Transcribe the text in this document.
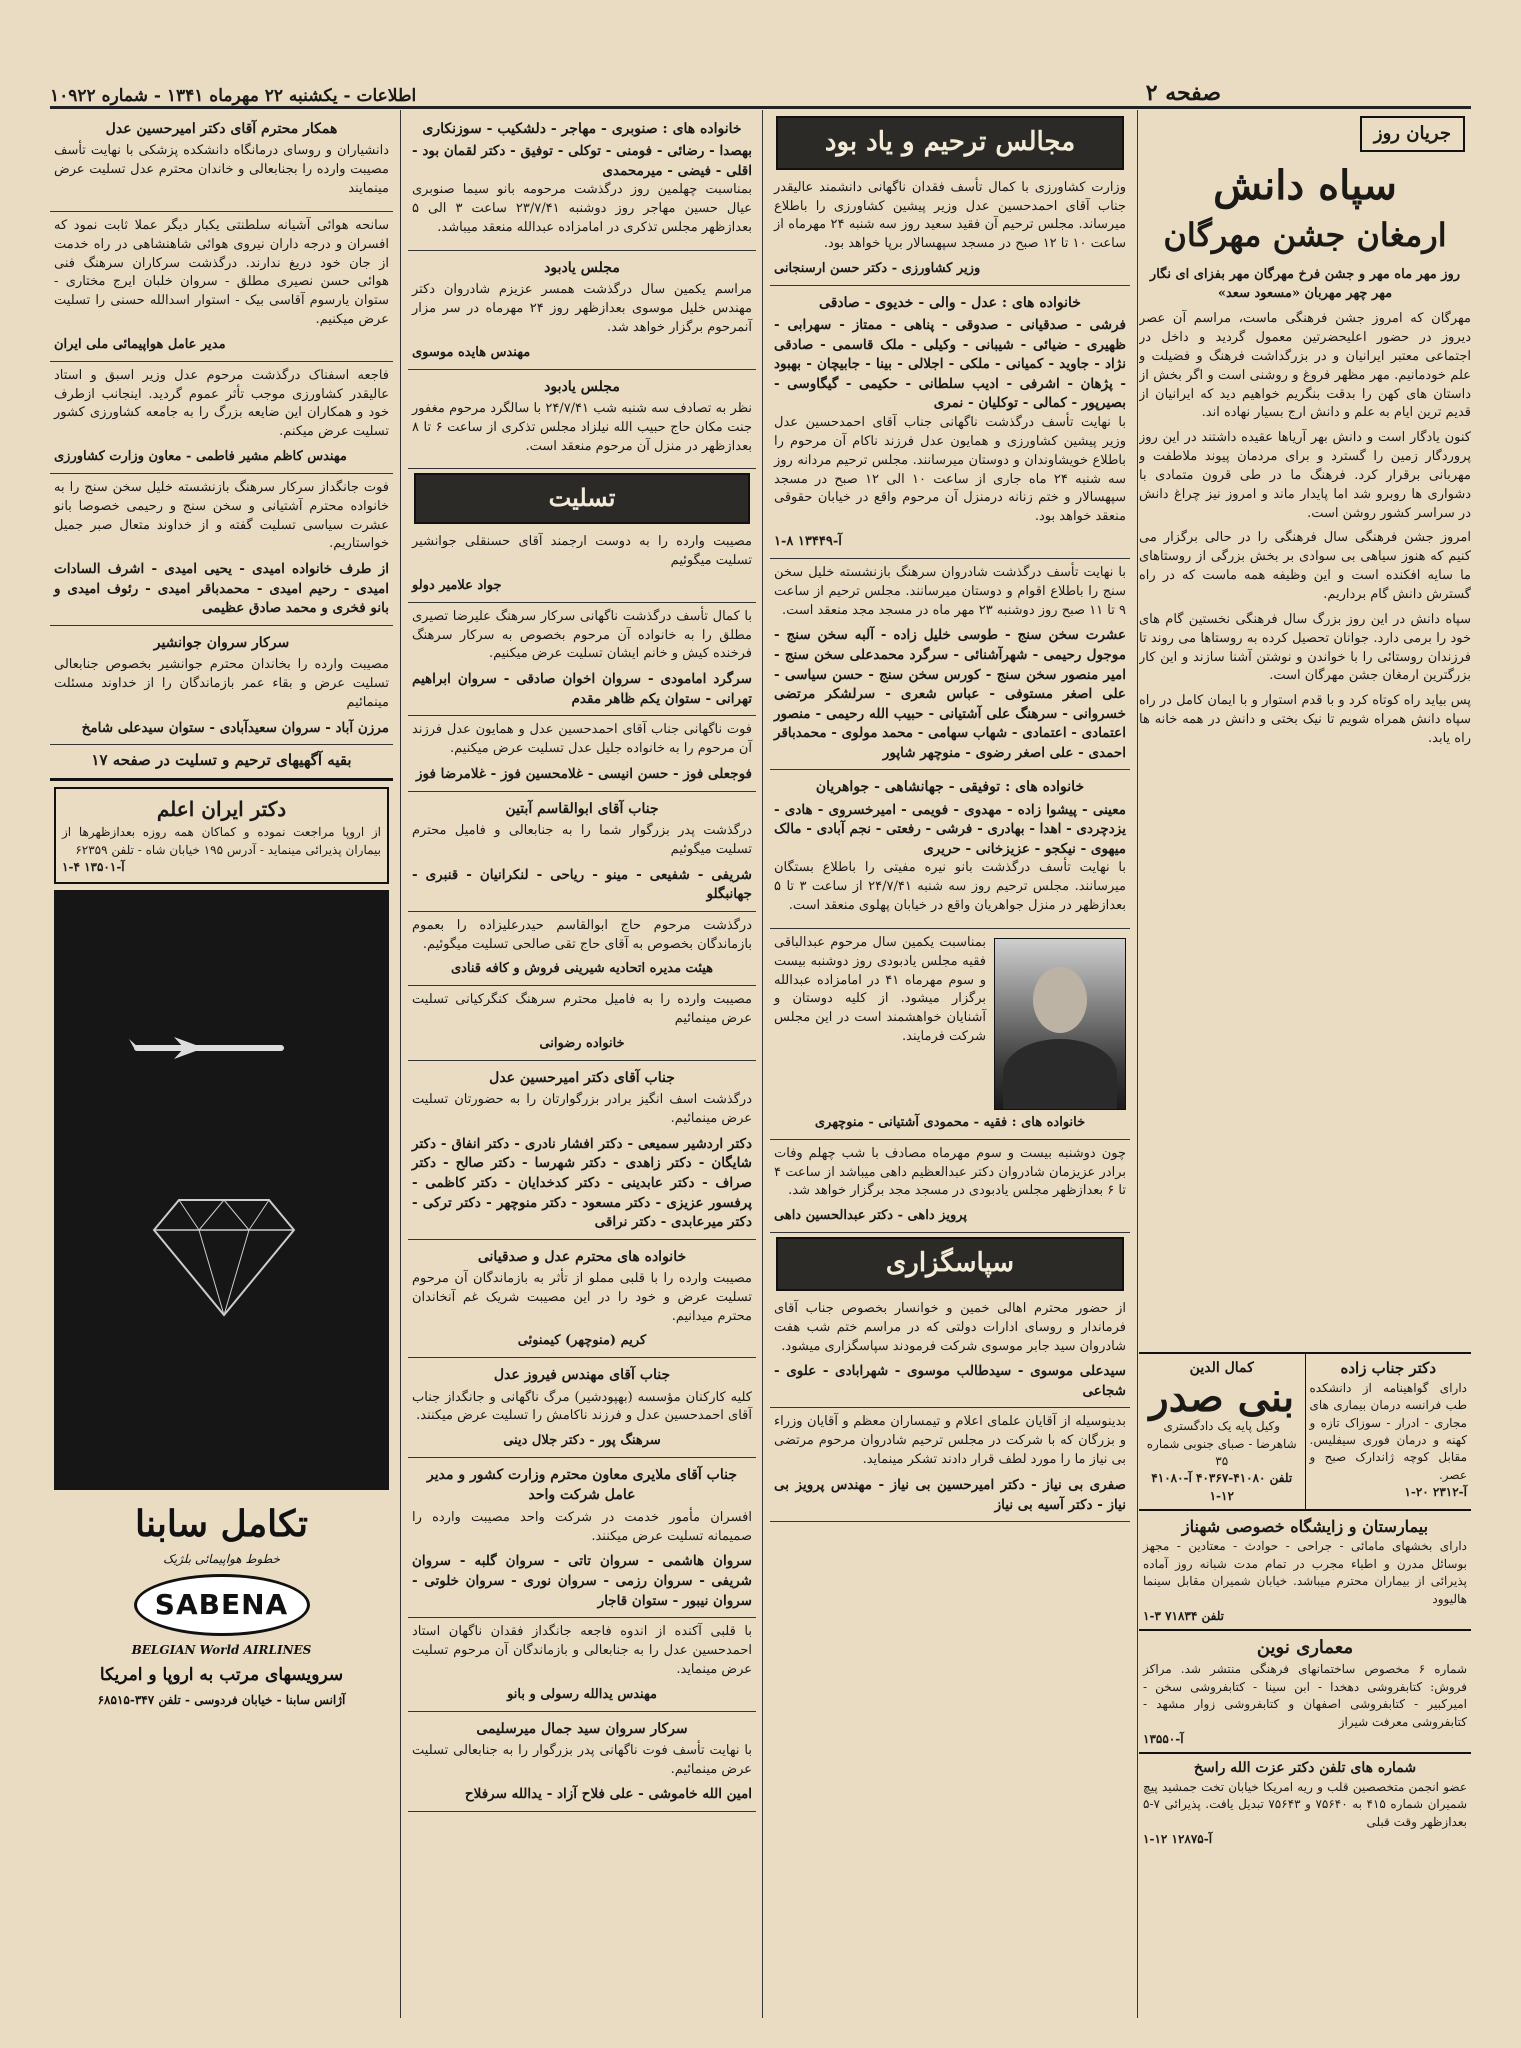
صفحه ۲
اطلاعات - یکشنبه ۲۲ مهرماه ۱۳۴۱ - شماره ۱۰۹۲۲
جریان روز
سپاه دانش
ارمغان جشن مهرگان

روز مهر ماه مهر و جشن فرخ مهرگان مهر بفزای ای نگار مهر چهر مهربان «مسعود سعد»

مهرگان که امروز جشن فرهنگی ماست، مراسم آن عصر دیروز در حضور اعلیحضرتین معمول گردید و داخل در اجتماعی معتبر ایرانیان و در بزرگداشت فرهنگ و فضیلت و علم خودمانیم. مهر مظهر فروغ و روشنی است و اگر بخش از داستان های کهن را بدقت بنگریم خواهیم دید که ایرانیان از قدیم ترین ایام به علم و دانش ارج بسیار نهاده اند.

کنون یادگار است و دانش بهر آریاها عقیده داشتند در این روز پروردگار زمین را گسترد و برای مردمان پیوند ملاطفت و مهربانی برقرار کرد. فرهنگ ما در طی قرون متمادی با دشواری ها روبرو شد اما پایدار ماند و امروز نیز چراغ دانش در سراسر کشور روشن است.

امروز جشن فرهنگی سال فرهنگی را در حالی برگزار می کنیم که هنوز سیاهی بی سوادی بر بخش بزرگی از روستاهای ما سایه افکنده است و این وظیفه همه ماست که در راه گسترش دانش گام برداریم.

سپاه دانش در این روز بزرگ سال فرهنگی نخستین گام های خود را برمی دارد. جوانان تحصیل کرده به روستاها می روند تا فرزندان روستائی را با خواندن و نوشتن آشنا سازند و این کار بزرگترین ارمغان جشن مهرگان است.

پس بیاید راه کوتاه کرد و با قدم استوار و با ایمان کامل در راه سپاه دانش همراه شویم تا نیک بختی و دانش در همه خانه ها راه یابد.

دکتر جناب زاده
دارای گواهینامه از دانشکده طب فرانسه درمان بیماری های مجاری - ادرار - سوزاک تازه و کهنه و درمان فوری سیفلیس. مقابل کوچه ژاندارک صبح و عصر.
آ-۲۳۱۲ ۲۰-۱
کمال الدین
بنی صدر
وکیل پایه یک دادگستری شاهرضا - صبای جنوبی شماره ۳۵
تلفن ۴۱۰۸۰-۴۰۳۶۷ آ-۴۱۰۸۰ ۱۲-۱
بیمارستان و زایشگاه خصوصی شهناز
دارای بخشهای مامائی - جراحی - حوادث - معتادین - مجهز بوسائل مدرن و اطباء مجرب در تمام مدت شبانه روز آماده پذیرائی از بیماران محترم میباشد. خیابان شمیران مقابل سینما هالیوود
تلفن ۷۱۸۳۴ ۳-۱
معماری نوین
شماره ۶ مخصوص ساختمانهای فرهنگی منتشر شد. مراکز فروش: کتابفروشی دهخدا - ابن سینا - کتابفروشی سخن - امیرکبیر - کتابفروشی اصفهان و کتابفروشی زوار مشهد - کتابفروشی معرفت شیراز
آ-۱۳۵۵۰
شماره های تلفن دکتر عزت الله راسخ
عضو انجمن متخصصین قلب و ریه امریکا خیابان تخت جمشید پیچ شمیران شماره ۴۱۵ به ۷۵۶۴۰ و ۷۵۶۴۳ تبدیل یافت. پذیرائی ۷-۵ بعدازظهر وقت قبلی
آ-۱۲۸۷۵ ۱۲-۱
مجالس ترحیم و یاد بود

وزارت کشاورزی با کمال تأسف فقدان ناگهانی دانشمند عالیقدر جناب آقای احمدحسین عدل وزیر پیشین کشاورزی را باطلاع میرساند. مجلس ترحیم آن فقید سعید روز سه شنبه ۲۴ مهرماه از ساعت ۱۰ تا ۱۲ صبح در مسجد سپهسالار برپا خواهد بود.

وزیر کشاورزی - دکتر حسن ارسنجانی
خانواده های : عدل - والی - خدیوی - صادقی
فرشی - صدقیانی - صدوقی - پناهی - ممتاز - سهرابی - ظهیری - ضیائی - شیبانی - وکیلی - ملک قاسمی - صادقی نژاد - جاوید - کمیانی - ملکی - اجلالی - بینا - جابیچان - بهبود - پژهان - اشرفی - ادیب سلطانی - حکیمی - گیگاوسی - بصیرپور - کمالی - توکلیان - نمری

با نهایت تأسف درگذشت ناگهانی جناب آقای احمدحسین عدل وزیر پیشین کشاورزی و همایون عدل فرزند ناکام آن مرحوم را باطلاع خویشاوندان و دوستان میرسانند. مجلس ترحیم مردانه روز سه شنبه ۲۴ ماه جاری از ساعت ۱۰ الی ۱۲ صبح در مسجد سپهسالار و ختم زنانه درمنزل آن مرحوم واقع در خیابان حقوقی منعقد خواهد بود.

آ-۱۳۴۴۹ ۸-۱

با نهایت تأسف درگذشت شادروان سرهنگ بازنشسته خلیل سخن سنج را باطلاع اقوام و دوستان میرسانند. مجلس ترحیم از ساعت ۹ تا ۱۱ صبح روز دوشنبه ۲۳ مهر ماه در مسجد مجد منعقد است.

عشرت سخن سنج - طوسی خلیل زاده - آلبه سخن سنج - موجول رحیمی - شهرآشنائی - سرگرد محمدعلی سخن سنج - امیر منصور سخن سنج - کورس سخن سنج - حسن سیاسی - علی اصغر مستوفی - عباس شعری - سرلشکر مرتضی خسروانی - سرهنگ علی آشتیانی - حبیب الله رحیمی - منصور اعتمادی - اعتمادی - شهاب سهامی - محمد مولوی - محمدباقر احمدی - علی اصغر رضوی - منوچهر شاپور
خانواده های : توفیقی - جهانشاهی - جواهریان
معینی - پیشوا زاده - مهدوی - فویمی - امیرخسروی - هادی - یزدچردی - اهدا - بهادری - فرشی - رفعتی - نجم آبادی - مالک میهوی - نیکجو - عزیزخانی - حریری

با نهایت تأسف درگذشت بانو نیره مفیتی را باطلاع بستگان میرسانند. مجلس ترحیم روز سه شنبه ۲۴/۷/۴۱ از ساعت ۳ تا ۵ بعدازظهر در منزل جواهریان واقع در خیابان پهلوی منعقد است.

بمناسبت یکمین سال مرحوم عبدالباقی فقیه مجلس یادبودی روز دوشنبه بیست و سوم مهرماه ۴۱ در امامزاده عبدالله برگزار میشود. از کلیه دوستان و آشنایان خواهشمند است در این مجلس شرکت فرمایند.

خانواده های : فقیه - محمودی آشتیانی - منوچهری

چون دوشنبه بیست و سوم مهرماه مصادف با شب چهلم وفات برادر عزیزمان شادروان دکتر عبدالعظیم داهی میباشد از ساعت ۴ تا ۶ بعدازظهر مجلس یادبودی در مسجد مجد برگزار خواهد شد.

پرویز داهی - دکتر عبدالحسین داهی
سپاسگزاری

از حضور محترم اهالی خمین و خوانسار بخصوص جناب آقای فرماندار و روسای ادارات دولتی که در مراسم ختم شب هفت شادروان سید جابر موسوی شرکت فرمودند سپاسگزاری میشود.

سیدعلی موسوی - سیدطالب موسوی - شهرابادی - علوی - شجاعی

بدینوسیله از آقایان علمای اعلام و تیمساران معظم و آقایان وزراء و بزرگان که با شرکت در مجلس ترحیم شادروان مرحوم مرتضی بی نیاز ما را مورد لطف قرار دادند تشکر مینماید.

صفری بی نیاز - دکتر امیرحسین بی نیاز - مهندس پرویز بی نیاز - دکتر آسیه بی نیاز
خانواده های : صنوبری - مهاجر - دلشکیب - سوزنکاری
بهصدا - رضائی - فومنی - توکلی - توفیق - دکتر لقمان بود - اقلی - فیضی - میرمحمدی

بمناسبت چهلمین روز درگذشت مرحومه بانو سیما صنوبری عیال حسین مهاجر روز دوشنبه ۲۳/۷/۴۱ ساعت ۳ الی ۵ بعدازظهر مجلس تذکری در امامزاده عبدالله منعقد میباشد.

مجلس یادبود

مراسم یکمین سال درگذشت همسر عزیزم شادروان دکتر مهندس خلیل موسوی بعدازظهر روز ۲۴ مهرماه در سر مزار آنمرحوم برگزار خواهد شد.

مهندس هایده موسوی
مجلس یادبود

نظر به تصادف سه شنبه شب ۲۴/۷/۴۱ با سالگرد مرحوم مغفور جنت مکان حاج حبیب الله نیلزاد مجلس تذکری از ساعت ۶ تا ۸ بعدازظهر در منزل آن مرحوم منعقد است.

تسلیت

مصیبت وارده را به دوست ارجمند آقای حسنقلی جوانشیر تسلیت میگوئیم

جواد علامیر دولو

با کمال تأسف درگذشت ناگهانی سرکار سرهنگ علیرضا تصیری مطلق را به خانواده آن مرحوم بخصوص به سرکار سرهنگ فرخنده کیش و خانم ایشان تسلیت عرض میکنیم.

سرگرد امامودی - سروان اخوان صادقی - سروان ابراهیم تهرانی - ستوان یکم ظاهر مقدم

فوت ناگهانی جناب آقای احمدحسین عدل و همایون عدل فرزند آن مرحوم را به خانواده جلیل عدل تسلیت عرض میکنیم.

فوجعلی فوز - حسن انیسی - غلامحسین فوز - غلامرضا فوز
جناب آقای ابوالقاسم آبتین

درگذشت پدر بزرگوار شما را به جنابعالی و فامیل محترم تسلیت میگوئیم

شریفی - شفیعی - مینو - ریاحی - لنکرانیان - قنبری - جهانبگلو

درگذشت مرحوم حاج ابوالقاسم حیدرعلیزاده را بعموم بازماندگان بخصوص به آقای حاج تقی صالحی تسلیت میگوئیم.

هیئت مدیره اتحادیه شیرینی فروش و کافه قنادی

مصیبت وارده را به فامیل محترم سرهنگ کنگرکیانی تسلیت عرض مینمائیم

خانواده رضوانی
جناب آقای دکتر امیرحسین عدل

درگذشت اسف انگیز برادر بزرگوارتان را به حضورتان تسلیت عرض مینمائیم.

دکتر اردشیر سمیعی - دکتر افشار نادری - دکتر انفاق - دکتر شایگان - دکتر زاهدی - دکتر شهرسا - دکتر صالح - دکتر صراف - دکتر عابدینی - دکتر کدخدایان - دکتر کاظمی - پرفسور عزیزی - دکتر مسعود - دکتر منوچهر - دکتر ترکی - دکتر میرعابدی - دکتر نراقی
خانواده های محترم عدل و صدقیانی

مصیبت وارده را با قلبی مملو از تأثر به بازماندگان آن مرحوم تسلیت عرض و خود را در این مصیبت شریک غم آنخاندان محترم میدانیم.

کریم (منوچهر) کیمنوئی
جناب آقای مهندس فیروز عدل

کلیه کارکنان مؤسسه (بهپودشیر) مرگ ناگهانی و جانگداز جناب آقای احمدحسین عدل و فرزند ناکامش را تسلیت عرض میکنند.

سرهنگ پور - دکتر جلال دینی
جناب آقای ملایری معاون محترم وزارت کشور و مدیر عامل شرکت واحد

افسران مأمور خدمت در شرکت واحد مصیبت وارده را صمیمانه تسلیت عرض میکنند.

سروان هاشمی - سروان تاتی - سروان گلبه - سروان شریفی - سروان رزمی - سروان نوری - سروان خلوتی - سروان نیبور - ستوان قاجار

با قلبی آکنده از اندوه فاجعه جانگداز فقدان ناگهان استاد احمدحسین عدل را به جنابعالی و بازماندگان آن مرحوم تسلیت عرض مینماید.

مهندس یدالله رسولی و بانو
سرکار سروان سید جمال میرسلیمی

با نهایت تأسف فوت ناگهانی پدر بزرگوار را به جنابعالی تسلیت عرض مینمائیم.

امین الله خاموشی - علی فلاح آزاد - یدالله سرفلاح
همکار محترم آقای دکتر امیرحسین عدل

دانشیاران و روسای درمانگاه دانشکده پزشکی با نهایت تأسف مصیبت وارده را بجنابعالی و خاندان محترم عدل تسلیت عرض مینمایند

سانحه هوائی آشیانه سلطنتی یکبار دیگر عملا ثابت نمود که افسران و درجه داران نیروی هوائی شاهنشاهی در راه خدمت از جان خود دریغ ندارند. درگذشت سرکاران سرهنگ فنی هوائی حسن نصیری مطلق - سروان خلبان ایرج مختاری - ستوان یارسوم آقاسی بیک - استوار اسدالله حسنی را تسلیت عرض میکنیم.

مدیر عامل هواپیمائی ملی ایران

فاجعه اسفناک درگذشت مرحوم عدل وزیر اسبق و استاد عالیقدر کشاورزی موجب تأثر عموم گردید. اینجانب ازطرف خود و همکاران این ضایعه بزرگ را به جامعه کشاورزی کشور تسلیت عرض میکنم.

مهندس کاظم مشیر فاطمی - معاون وزارت کشاورزی

فوت جانگداز سرکار سرهنگ بازنشسته خلیل سخن سنج را به خانواده محترم آشتیانی و سخن سنج و رحیمی خصوصا بانو عشرت سیاسی تسلیت گفته و از خداوند متعال صبر جمیل خواستاریم.

از طرف خانواده امیدی - یحیی امیدی - اشرف السادات امیدی - رحیم امیدی - محمدباقر امیدی - رئوف امیدی و بانو فخری و محمد صادق عظیمی
سرکار سروان جوانشیر

مصیبت وارده را بخاندان محترم جوانشیر بخصوص جنابعالی تسلیت عرض و بقاء عمر بازماندگان را از خداوند مسئلت مینمائیم

مرزن آباد - سروان سعیدآبادی - ستوان سیدعلی شامخ
بقیه آگهیهای ترحیم و تسلیت در صفحه ۱۷
دکتر ایران اعلم
از اروپا مراجعت نموده و کماکان همه روزه بعدازظهرها از بیماران پذیرائی مینماید - آدرس ۱۹۵ خیابان شاه - تلفن ۶۲۳۵۹
آ-۱۳۵۰۱ ۴-۱
تکامل سابنا
خطوط هواپیمائی بلژیک
SABENA
BELGIAN World AIRLINES
سرویسهای مرتب به اروپا و امریکا
آژانس سابنا - خیابان فردوسی - تلفن ۳۴۷-۶۸۵۱۵
